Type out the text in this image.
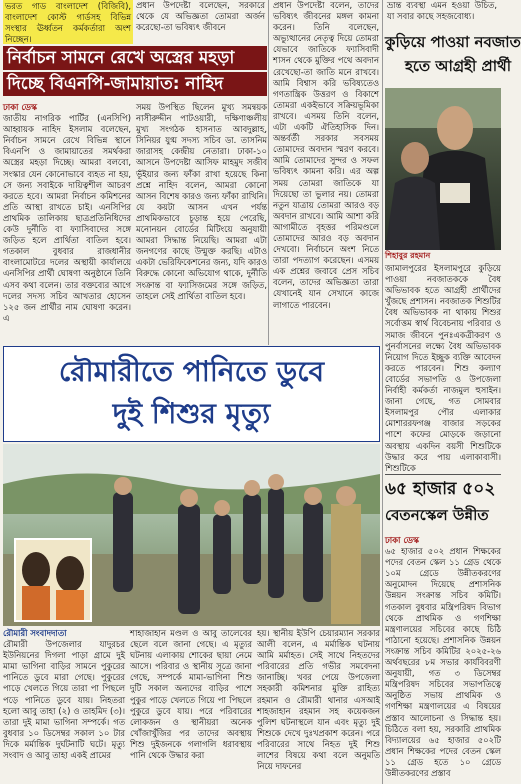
ভরত গাড বাংলাদেশ (বিজিবি), বাংলাদেশ কোস্ট গার্ডসহ বিভিন্ন সংস্থার ঊর্ধ্বতন কর্মকর্তারা অংশ নিচ্ছেন।
প্রধান উপদেষ্টা বলেছেন, সরকারে থেকে যে অভিজ্ঞতা তোমরা অর্জন করেছো-তা ভবিষ্যৎ জীবনে
প্রধান উপদেষ্টা বলেন, তাদের ভবিষ্যৎ জীবনের মঙ্গল কামনা করেন। তিনি বলেছেন, অভ্যুত্থানের নেতৃত্ব দিয়ে তোমরা যেভাবে জাতিকে ফ্যাসিবাদী শাসন থেকে মুক্তির পথে অবদান রেখেছো-তা জাতি মনে রাখবে। আমি বিশ্বাস করি ভবিষ্যতেও গণতান্ত্রিক উত্তরণ ও বিকাশে তোমরা একইভাবে সক্রিয়ভূমিকা রাখবে। এসময় তিনি বলেন, এটা একটি ঐতিহাসিক দিন। অন্তর্বর্তী সরকার সবসময় তোমাদের অবদান স্মরণ করবে। আমি তোমাদের সুন্দর ও সফল ভবিষ্যৎ কামনা করি। এর অল্প সময় তোমরা জাতিকে যা দিয়েছো তা ভুলার নয়। তোমরা নতুন যাত্রায় তোমরা আরও বড় অবদান রাখবে। আমি আশা করি আগামীতে বৃহত্তর পরিমণ্ডলে তোমাদের আরও বড় অবদান দেখবো। নির্বাচনে অংশ নিতে তারা পদত্যাগ করেছেন। এসময় এক প্রশ্নের জবাবে প্রেস সচিব বলেন, তাদের অভিজ্ঞতা তারা যেখানেই যান সেখানে কাজে লাগাতে পারবেন।
ভ্রান্ত ব্যবস্থা এমন হওয়া উচিত, যা সবার কাছে সহজবোধ্য।
নির্বাচন সামনে রেখে অস্ত্রের মহড়া
দিচ্ছে বিএনপি-জামায়াত: নাহিদ
ঢাকা ডেস্ক
জাতীয় নাগরিক পার্টির (এনসিপি) আহ্বায়ক নাহিদ ইসলাম বলেছেন, নির্বাচন সামনে রেখে বিভিন্ন স্থানে বিএনপি ও জামায়াতের সমর্থকরা অস্ত্রের মহড়া দিচ্ছে। আমরা বলবো, সংস্কার যেন কোনোভাবে ব্যহত না হয়, সে জন্য সবাইকে দায়িত্বশীল আচরণ করতে হবে। আমরা নির্বাচন কমিশনের প্রতি আস্থা রাখতে চাই। এনসিপির প্রাথমিক তালিকায় ছাত্রপ্রতিনিধিদের কেউ দুর্নীতি বা ফ্যাসিবাদের সঙ্গে জড়িত হলে প্রার্থিতা বাতিল হবে। গতকাল বুধবার রাজধানীর বাংলামোটরে দলের অস্থায়ী কার্যালয়ে এনসিপির প্রার্থী ঘোষণা অনুষ্ঠানে তিনি এসব কথা বলেন। তার বক্তব্যের আগে দলের সদস্য সচিব আখতার হোসেন ১২৫ জন প্রার্থীর নাম ঘোষণা করেন। এ
সময় উপস্থিত ছিলেন মুখ্য সমন্বয়ক নাসীরুদ্দীন পাটওয়ারী, দক্ষিণাঞ্চলীয় মুখ্য সংগঠক হাসনাত আবদুল্লাহ, সিনিয়র যুগ্ম সদস্য সচিব ডা. তাসনিম জারাসহ কেন্দ্রীয় নেতারা। ঢাকা-১০ আসনে উপদেষ্টা আসিফ মাহমুদ সজীব ভূঁইয়ার জন্য ফাঁকা রাখা হয়েছে কিনা প্রশ্নে নাহিদ বলেন, আমরা কোনো আসন বিশেষ কারও জন্য ফাঁকা রাখিনি। যে কয়টা আসন এখন পর্যন্ত প্রাথমিকভাবে চূড়ান্ত হয়ে পেরেছি, মনোনয়ন বোর্ডের মিটিংয়ে অনুযায়ী আমরা সিদ্ধান্ত নিয়েছি। আমরা এটা জনগণের কাছে উন্মুক্ত করছি। এটাও একটা ভেরিফিকেশনের জন্য, যদি কারও বিরুদ্ধে কোনো অভিযোগ থাকে, দুর্নীতি সংক্রান্ত বা ফ্যাসিজমের সঙ্গে জড়িত, তাহলে সেই প্রার্থিতা বাতিল হবে।
কুড়িয়ে পাওয়া নবজাত
হতে আগ্রহী প্রার্থী
শিহাবুর রহমান
জামালপুরের ইসলামপুরে কুড়িয়ে পাওয়া নবজাতককে বৈধ অভিভাবক হতে আগ্রহী প্রার্থীদের খুঁজছে প্রশাসন। নবজাতক শিশুটির বৈধ অভিভাবক না থাকায় শিশুর সর্বোত্তম স্বার্থ বিবেচনায় পরিবার ও সমাজ জীবনে পুনঃএকত্রীকরণ ও পুনর্বাসনের লক্ষ্যে বৈধ অভিভাবক নিয়োগ দিতে ইচ্ছুক ব্যক্তি আবেদন করতে পারবেন। শিশু কল্যাণ বোর্ডের সভাপতি ও উপজেলা নির্বাহী কর্মকর্তা নাজমুল হুসাইন। জানা গেছে, গত সোমবার ইসলামপুর পৌর এলাকার মোশাররফগঞ্জ বাজার সড়কের পাশে কফের মোড়কে জড়ানো অবস্থায় একদিন বয়সী শিশুটিকে উদ্ধার করে পায় এলাকাবাসী। শিশুটিকে
৬৫ হাজার ৫০২
বেতনস্কেল উন্নীত
ঢাকা ডেস্ক
৬৫ হাজার ৫০২ প্রধান শিক্ষকের পদের বেতন স্কেল ১১ গ্রেড থেকে ১০ম গ্রেডে উন্নীতকরণের অনুমোদন দিয়েছে প্রশাসনিক উন্নয়ন সংক্রান্ত সচিব কমিটি। গতকাল বুধবার মন্ত্রিপরিষদ বিভাগ থেকে প্রাথমিক ও গণশিক্ষা মন্ত্রণালয়ের সচিবের কাছে চিঠি পাঠানো হয়েছে। প্রশাসনিক উন্নয়ন সংক্রান্ত সচিব কমিটির ২০২৫-২৬ অর্থবছরের ৮ম সভার কার্যবিবরণী অনুযায়ী, গত ৩ ডিসেম্বর মন্ত্রিপরিষদ সচিবের সভাপতিত্বে অনুষ্ঠিত সভায় প্রাথমিক ও গণশিক্ষা মন্ত্রণালয়ের এ বিষয়ের প্রস্তাব আলোচনা ও সিদ্ধান্ত হয়। চিঠিতে বলা হয়, সরকারি প্রাথমিক বিদ্যালয়ের ৬৫ হাজার ৫০২টি প্রধান শিক্ষকের পদের বেতন স্কেল ১১ গ্রেড হতে ১০ গ্রেডে উন্নীতকরণের প্রস্তাব
রৌমারীতে পানিতে ডুবে
দুই শিশুর মৃত্যু
রৌমারী সংবাদদাতা
রৌমারী উপজেলার যাদুরচর ইউনিয়নের দিগলা পাড়া গ্রামে দুই মামা ভাগিনা বাড়ির সামনে পুকুরের পানিতে ডুবে মারা গেছে। পুকুরের পাড়ে খেলতে গিয়ে তারা পা পিছলে পড়ে পানিতে ডুবে যায়। নিহতরা হলো আবু তাহা (২) ও তাহমিদ (৩)। তারা দুই মামা ভাগিনা সম্পর্কে। গত বুধবার ১০ ডিসেম্বর সকাল ১০ টার দিকে মর্মান্তিক দুর্ঘটনাটি ঘটে। মৃত্যু সংবাদ ও আবু তাহা একই প্রামের
শাহাজাহান মণ্ডল ও আবু তালেবের ছেলে বলে জানা গেছে। এ মৃত্যুর ঘটনায় এলাকায় শোকের ছায়া নেমে আসে। পরিবার ও স্থানীয় সূত্রে জানা গেছে, সম্পর্কে মামা-ভাগিনা শিশু দুটি সকাল অন্যদের বাড়ির পাশে পুকুর পাড়ে খেলতে গিয়ে পা পিছলে পুকুরে ডুবে যায়। পরে পরিবারের লোকজন ও স্থানীয়রা অনেক খোঁজাখুঁজির পর তাদের অবস্থায় শিশু দুইজনকে গলাগলি ধরাবস্থায় পানি থেকে উদ্ধার করা
হয়। স্থানীয় ইউপি চেয়ারম্যান সরকার আলী বলেন, এ মর্মান্তিক ঘটনায় আমি মর্মাহত। সেই সাথে নিহতদের পরিবারের প্রতি গভীর সমবেদনা জানাচ্ছি। খবর পেয়ে উপজেলা সহকারী কমিশনার মুক্তি রাহিত্য রহমান ও রৌমারী থানার এসআই শাহজাহান রহমান সহ কয়েকজন পুলিশ ঘটনাস্থলে যান এবং মৃত্যু দুই শিশুকে দেখে দুঃখপ্রকাশ করেন। পরে পরিবারের সাথে নিহত দুই শিশু লাশের বিষয়ে কথা বলে অনুমতি নিয়ে দাফনের
